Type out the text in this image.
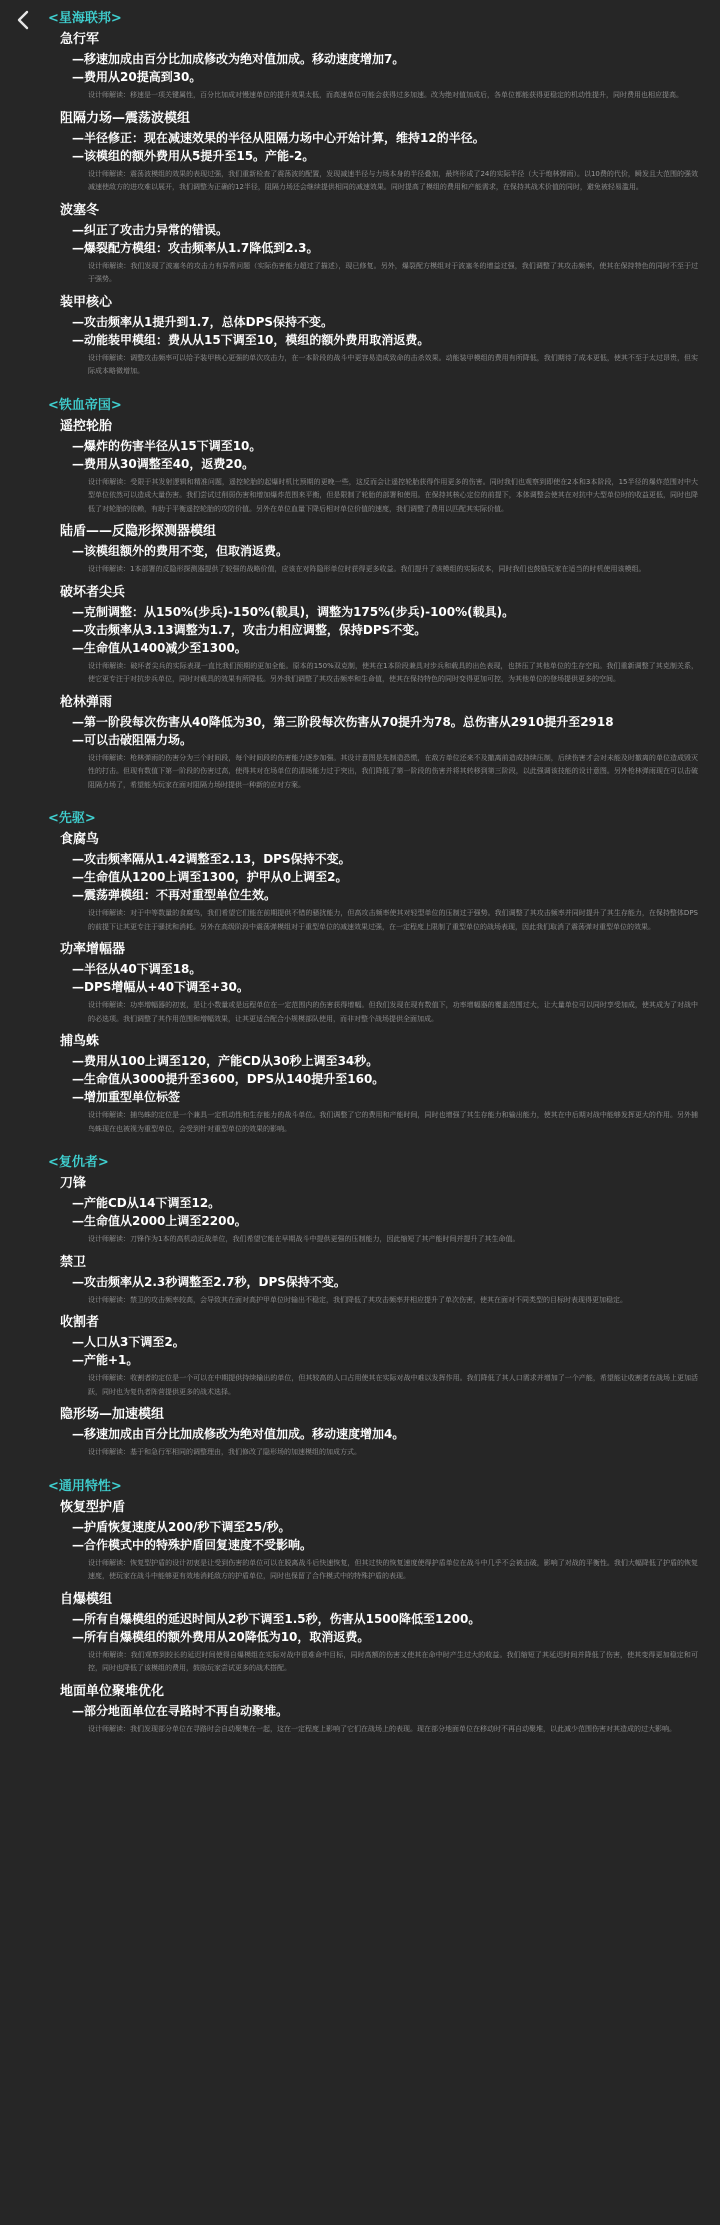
<星海联邦>
急行军
—移速加成由百分比加成修改为绝对值加成。移动速度增加7。
—费用从20提高到30。
设计师解读：移速是一项关键属性，百分比加成对慢速单位的提升效果太低，而高速单位可能会获得过多加速。改为绝对值加成后，各单位都能获得更稳定的机动性提升，同时费用也相应提高。
阻隔力场—震荡波模组
—半径修正：现在减速效果的半径从阻隔力场中心开始计算，维持12的半径。
—该模组的额外费用从5提升至15。产能-2。
设计师解读：震荡波模组的效果的表现过强，我们重新检查了震荡波的配置，发现减速半径与力场本身的半径叠加，最终形成了24的实际半径（大于炮林弹雨）。以10费的代价，瞬发且大范围的强效减速使敌方的进攻难以展开，我们调整为正确的12半径，阻隔力场还会继续提供相同的减速效果。同时提高了模组的费用和产能需求，在保持其战术价值的同时，避免被轻易滥用。
波塞冬
—纠正了攻击力异常的错误。
—爆裂配方模组：攻击频率从1.7降低到2.3。
设计师解读：我们发现了波塞冬的攻击力有异常问题（实际伤害能力超过了描述），现已修复。另外，爆裂配方模组对于波塞冬的增益过强，我们调整了其攻击频率，使其在保持特色的同时不至于过于强势。
装甲核心
—攻击频率从1提升到1.7，总体DPS保持不变。
—动能装甲模组：费从从15下调至10，模组的额外费用取消返费。
设计师解读：调整攻击频率可以给予装甲核心更强的单次攻击力，在一本阶段的战斗中更容易造成致命的击杀效果。动能装甲模组的费用有所降低，我们期待了成本更低，使其不至于太过昂贵，但实际成本略微增加。
<铁血帝国>
遥控轮胎
—爆炸的伤害半径从15下调至10。
—费用从30调整至40，返费20。
设计师解读：受限于其发射逻辑和精准问题，遥控轮胎的起爆时机比预期的更晚一些，这反而会让遥控轮胎获得作用更多的伤害。同时我们也观察到即使在2本和3本阶段，15半径的爆炸范围对中大型单位依然可以造成大量伤害。我们尝试过削弱伤害和增加爆炸范围来平衡，但是限制了轮胎的部署和使用。在保持其核心定位的前提下，本体调整会使其在对抗中大型单位时的收益更低，同时也降低了对轮胎的依赖，有助于平衡遥控轮胎的攻防价值。另外在单位血量下降后相对单位价值的速度，我们调整了费用以匹配其实际价值。
陆盾——反隐形探测器模组
—该模组额外的费用不变，但取消返费。
设计师解读：1本部署的反隐形探测器提供了较强的战略价值，应该在对阵隐形单位时获得更多收益。我们提升了该模组的实际成本，同时我们也鼓励玩家在适当的时机使用该模组。
破坏者尖兵
—克制调整：从150%(步兵)-150%(载具)，调整为175%(步兵)-100%(载具)。
—攻击频率从3.13调整为1.7，攻击力相应调整，保持DPS不变。
—生命值从1400减少至1300。
设计师解读：破坏者尖兵的实际表现一直比我们预期的更加全能。原本的150%双克制，使其在1本阶段兼具对步兵和载具的出色表现，也挤压了其他单位的生存空间。我们重新调整了其克制关系，使它更专注于对抗步兵单位，同时对载具的效果有所降低。另外我们调整了其攻击频率和生命值，使其在保持特色的同时变得更加可控，为其他单位的登场提供更多的空间。
枪林弹雨
—第一阶段每次伤害从40降低为30，第三阶段每次伤害从70提升为78。总伤害从2910提升至2918
—可以击破阻隔力场。
设计师解读：枪林弹雨的伤害分为三个时间段，每个时间段的伤害能力逐步加强。其设计意图是先制造恐慌，在敌方单位还来不及撤离前造成持续压制，后续伤害才会对未能及时撤离的单位造成毁灭性的打击。但现有数值下第一阶段的伤害过高，使得其对在场单位的清场能力过于突出，我们降低了第一阶段的伤害并将其转移到第三阶段，以此强调该技能的设计意图。另外枪林弹雨现在可以击破阻隔力场了，希望能为玩家在面对阻隔力场时提供一种新的应对方案。
<先驱>
食腐鸟
—攻击频率隔从1.42调整至2.13，DPS保持不变。
—生命值从1200上调至1300，护甲从0上调至2。
—震荡弹模组：不再对重型单位生效。
设计师解读：对于中等数量的食腐鸟，我们希望它们能在前期提供不错的骚扰能力，但高攻击频率使其对轻型单位的压制过于强势。我们调整了其攻击频率并同时提升了其生存能力，在保持整体DPS的前提下让其更专注于骚扰和消耗。另外在高级阶段中震荡弹模组对于重型单位的减速效果过强，在一定程度上限制了重型单位的战场表现，因此我们取消了震荡弹对重型单位的效果。
功率增幅器
—半径从40下调至18。
—DPS增幅从+40下调至+30。
设计师解读：功率增幅器的初衷，是让小数量或是远程单位在一定范围内的伤害获得增幅。但我们发现在现有数值下，功率增幅器的覆盖范围过大，让大量单位可以同时享受加成，使其成为了对战中的必选项。我们调整了其作用范围和增幅效果，让其更适合配合小规模部队使用，而非对整个战场提供全面加成。
捕鸟蛛
—费用从100上调至120，产能CD从30秒上调至34秒。
—生命值从3000提升至3600，DPS从140提升至160。
—增加重型单位标签
设计师解读：捕鸟蛛的定位是一个兼具一定机动性和生存能力的战斗单位。我们调整了它的费用和产能时间，同时也增强了其生存能力和输出能力，使其在中后期对战中能够发挥更大的作用。另外捕鸟蛛现在也被视为重型单位，会受到针对重型单位的效果的影响。
<复仇者>
刀锋
—产能CD从14下调至12。
—生命值从2000上调至2200。
设计师解读：刀锋作为1本的高机动近战单位，我们希望它能在早期战斗中提供更强的压制能力，因此缩短了其产能时间并提升了其生命值。
禁卫
—攻击频率从2.3秒调整至2.7秒，DPS保持不变。
设计师解读：禁卫的攻击频率较高，会导致其在面对高护甲单位时输出不稳定，我们降低了其攻击频率并相应提升了单次伤害，使其在面对不同类型的目标时表现得更加稳定。
收割者
—人口从3下调至2。
—产能+1。
设计师解读：收割者的定位是一个可以在中期提供持续输出的单位，但其较高的人口占用使其在实际对战中难以发挥作用。我们降低了其人口需求并增加了一个产能，希望能让收割者在战场上更加活跃，同时也为复仇者阵营提供更多的战术选择。
隐形场—加速模组
—移速加成由百分比加成修改为绝对值加成。移动速度增加4。
设计师解读：基于和急行军相同的调整理由，我们修改了隐形场的加速模组的加成方式。
<通用特性>
恢复型护盾
—护盾恢复速度从200/秒下调至25/秒。
—合作模式中的特殊护盾回复速度不受影响。
设计师解读：恢复型护盾的设计初衷是让受到伤害的单位可以在脱离战斗后快速恢复，但其过快的恢复速度使得护盾单位在战斗中几乎不会被击破，影响了对战的平衡性。我们大幅降低了护盾的恢复速度，使玩家在战斗中能够更有效地消耗敌方的护盾单位，同时也保留了合作模式中的特殊护盾的表现。
自爆模组
—所有自爆模组的延迟时间从2秒下调至1.5秒，伤害从1500降低至1200。
—所有自爆模组的额外费用从20降低为10，取消返费。
设计师解读：我们观察到较长的延迟时间使得自爆模组在实际对战中很难命中目标，同时高额的伤害又使其在命中时产生过大的收益。我们缩短了其延迟时间并降低了伤害，使其变得更加稳定和可控，同时也降低了该模组的费用，鼓励玩家尝试更多的战术搭配。
地面单位聚堆优化
—部分地面单位在寻路时不再自动聚堆。
设计师解读：我们发现部分单位在寻路时会自动聚集在一起，这在一定程度上影响了它们在战场上的表现。现在部分地面单位在移动时不再自动聚堆，以此减少范围伤害对其造成的过大影响。
